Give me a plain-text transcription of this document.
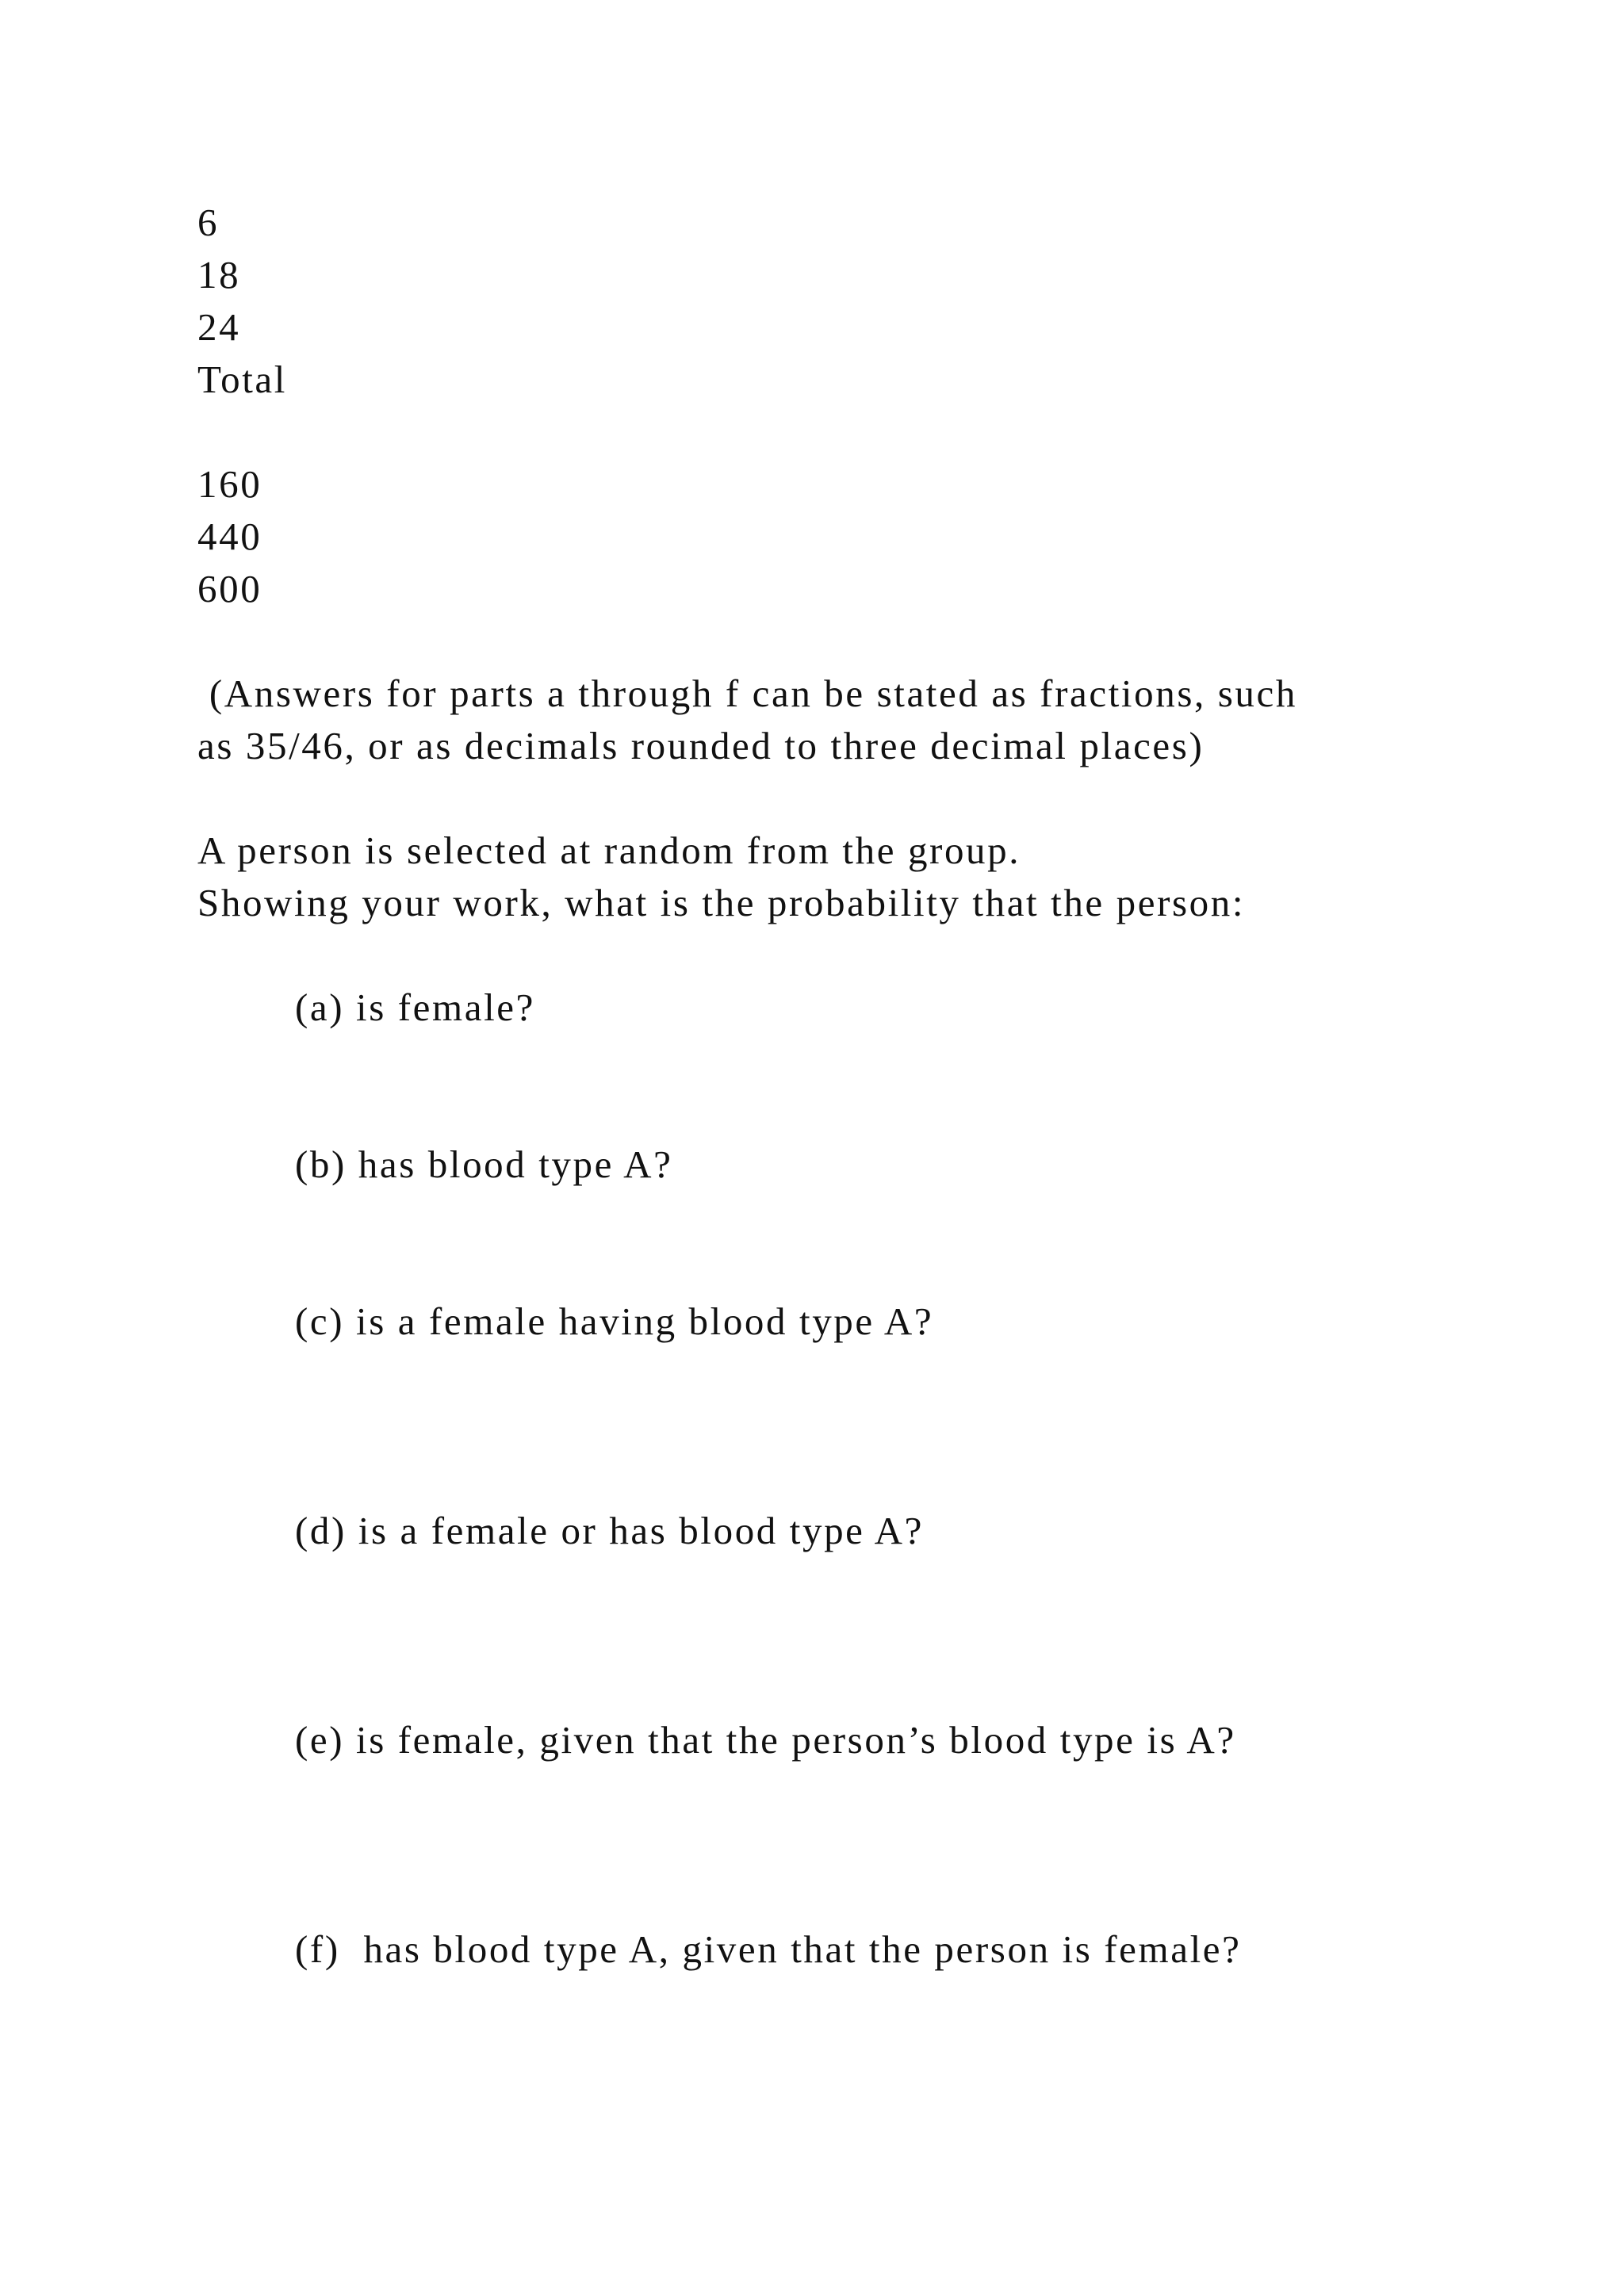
6
18
24
Total
160
440
600
(Answers for parts a through f can be stated as fractions, such
as 35/46, or as decimals rounded to three decimal places)
A person is selected at random from the group.
Showing your work, what is the probability that the person:
(a) is female?
(b) has blood type A?
(c) is a female having blood type A?
(d) is a female or has blood type A?
(e) is female, given that the person’s blood type is A?
(f)  has blood type A, given that the person is female?
